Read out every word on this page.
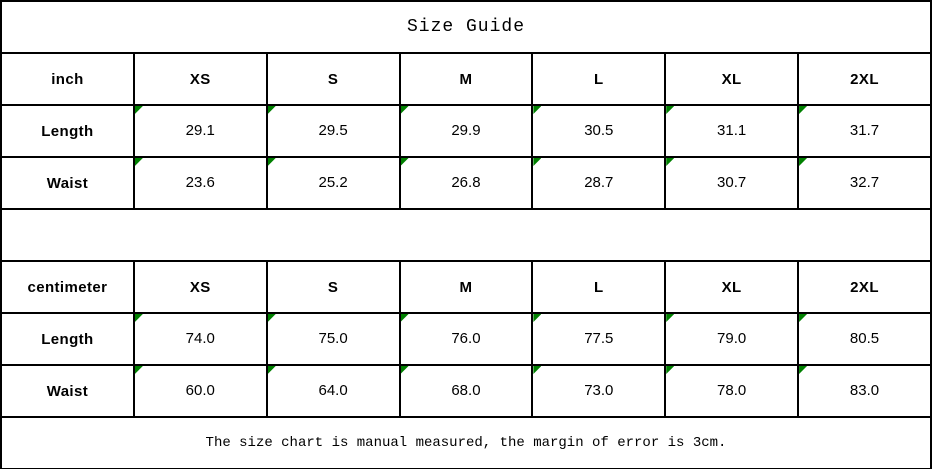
Size Guide						
inch	XS	S	M	L	XL	2XL
Length	29.1	29.5	29.9	30.5	31.1	31.7
Waist	23.6	25.2	26.8	28.7	30.7	32.7

centimeter	XS	S	M	L	XL	2XL
Length	74.0	75.0	76.0	77.5	79.0	80.5
Waist	60.0	64.0	68.0	73.0	78.0	83.0
The size chart is manual measured, the margin of error is 3cm.						
